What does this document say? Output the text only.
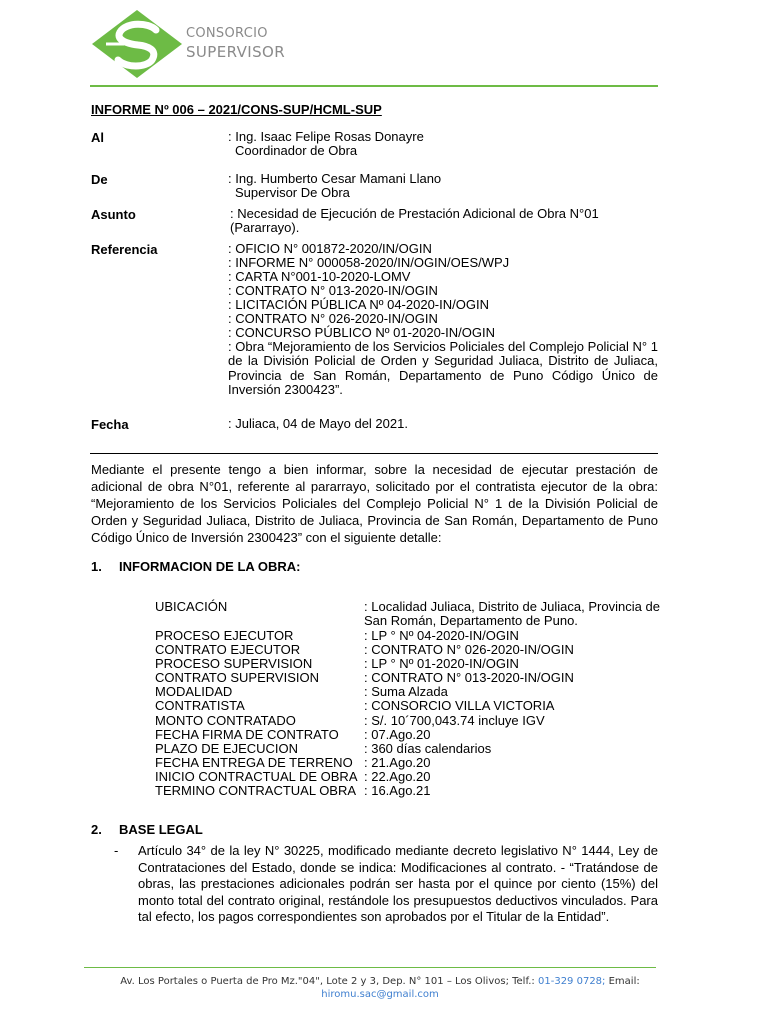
CONSORCIO
SUPERVISOR
INFORME Nº 006 – 2021/CONS-SUP/HCML-SUP
Al	: Ing. Isaac Felipe Rosas Donayre
Coordinador de Obra
De	: Ing. Humberto Cesar Mamani Llano
Supervisor De Obra
Asunto	: Necesidad de Ejecución de Prestación Adicional de Obra N°01
(Pararrayo).
Referencia	: OFICIO N° 001872-2020/IN/OGIN
: INFORME N° 000058-2020/IN/OGIN/OES/WPJ
: CARTA N°001-10-2020-LOMV
: CONTRATO N° 013-2020-IN/OGIN
: LICITACIÓN PÚBLICA Nº 04-2020-IN/OGIN
: CONTRATO N° 026-2020-IN/OGIN
: CONCURSO PÚBLICO Nº 01-2020-IN/OGIN
: Obra “Mejoramiento de los Servicios Policiales del Complejo Policial N° 1 de la División Policial de Orden y Seguridad Juliaca, Distrito de Juliaca, Provincia de San Román, Departamento de Puno Código Único de Inversión 2300423”.
Fecha	: Juliaca, 04 de Mayo del 2021.
Mediante el presente tengo a bien informar, sobre la necesidad de ejecutar prestación de adicional de obra N°01, referente al pararrayo, solicitado por el contratista ejecutor de la obra: “Mejoramiento de los Servicios Policiales del Complejo Policial N° 1 de la División Policial de Orden y Seguridad Juliaca, Distrito de Juliaca, Provincia de San Román, Departamento de Puno Código Único de Inversión 2300423” con el siguiente detalle:
1. INFORMACION DE LA OBRA:
UBICACIÓN	: Localidad Juliaca, Distrito de Juliaca, Provincia de San Román, Departamento de Puno.
PROCESO EJECUTOR	: LP ° Nº 04-2020-IN/OGIN
CONTRATO EJECUTOR	: CONTRATO N° 026-2020-IN/OGIN
PROCESO SUPERVISION	: LP ° Nº 01-2020-IN/OGIN
CONTRATO SUPERVISION	: CONTRATO N° 013-2020-IN/OGIN
MODALIDAD	: Suma Alzada
CONTRATISTA	: CONSORCIO VILLA VICTORIA
MONTO CONTRATADO	: S/. 10´700,043.74 incluye IGV
FECHA FIRMA DE CONTRATO	: 07.Ago.20
PLAZO DE EJECUCION	: 360 días calendarios
FECHA ENTREGA DE TERRENO : 21.Ago.20
INICIO CONTRACTUAL DE OBRA : 22.Ago.20
TERMINO CONTRACTUAL OBRA : 16.Ago.21
2. BASE LEGAL
- Artículo 34° de la ley N° 30225, modificado mediante decreto legislativo N° 1444, Ley de Contrataciones del Estado, donde se indica: Modificaciones al contrato. - “Tratándose de obras, las prestaciones adicionales podrán ser hasta por el quince por ciento (15%) del monto total del contrato original, restándole los presupuestos deductivos vinculados. Para tal efecto, los pagos correspondientes son aprobados por el Titular de la Entidad”.
Av. Los Portales o Puerta de Pro Mz."04", Lote 2 y 3, Dep. N° 101 – Los Olivos; Telf.: 01-329 0728; Email:
hiromu.sac@gmail.com
